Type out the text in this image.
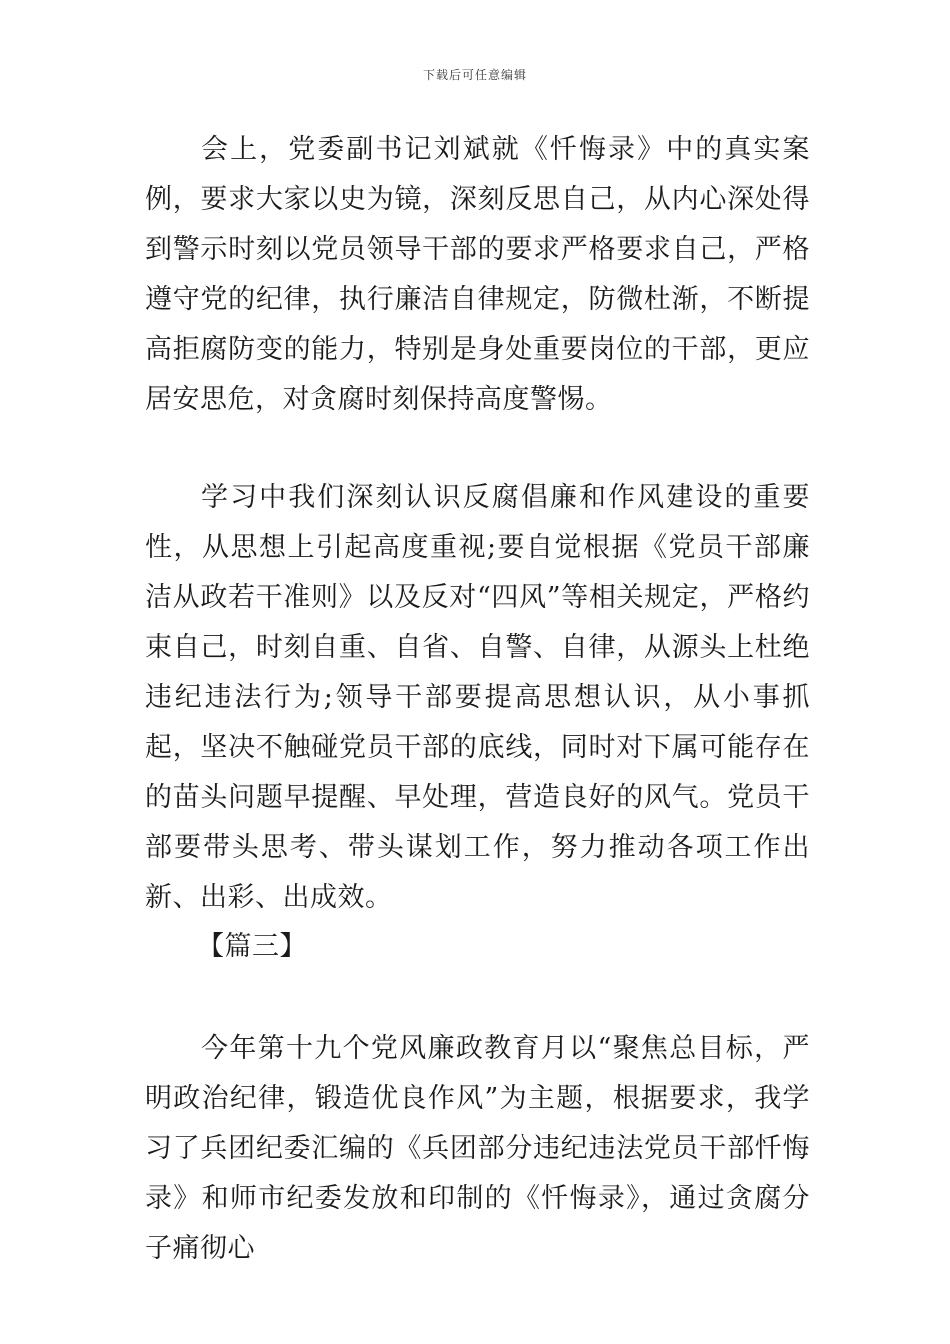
下载后可任意编辑

会上，党委副书记刘斌就《忏悔录》中的真实案例，要求大家以史为镜，深刻反思自己，从内心深处得到警示时刻以党员领导干部的要求严格要求自己，严格遵守党的纪律，执行廉洁自律规定，防微杜渐，不断提高拒腐防变的能力，特别是身处重要岗位的干部，更应居安思危，对贪腐时刻保持高度警惕。

学习中我们深刻认识反腐倡廉和作风建设的重要性，从思想上引起高度重视;要自觉根据《党员干部廉洁从政若干准则》以及反对“四风”等相关规定，严格约束自己，时刻自重、自省、自警、自律，从源头上杜绝违纪违法行为;领导干部要提高思想认识，从小事抓起，坚决不触碰党员干部的底线，同时对下属可能存在的苗头问题早提醒、早处理，营造良好的风气。党员干部要带头思考、带头谋划工作，努力推动各项工作出新、出彩、出成效。

【篇三】

今年第十九个党风廉政教育月以“聚焦总目标，严明政治纪律，锻造优良作风”为主题，根据要求，我学习了兵团纪委汇编的《兵团部分违纪违法党员干部忏悔录》和师市纪委发放和印制的《忏悔录》，通过贪腐分子痛彻心
